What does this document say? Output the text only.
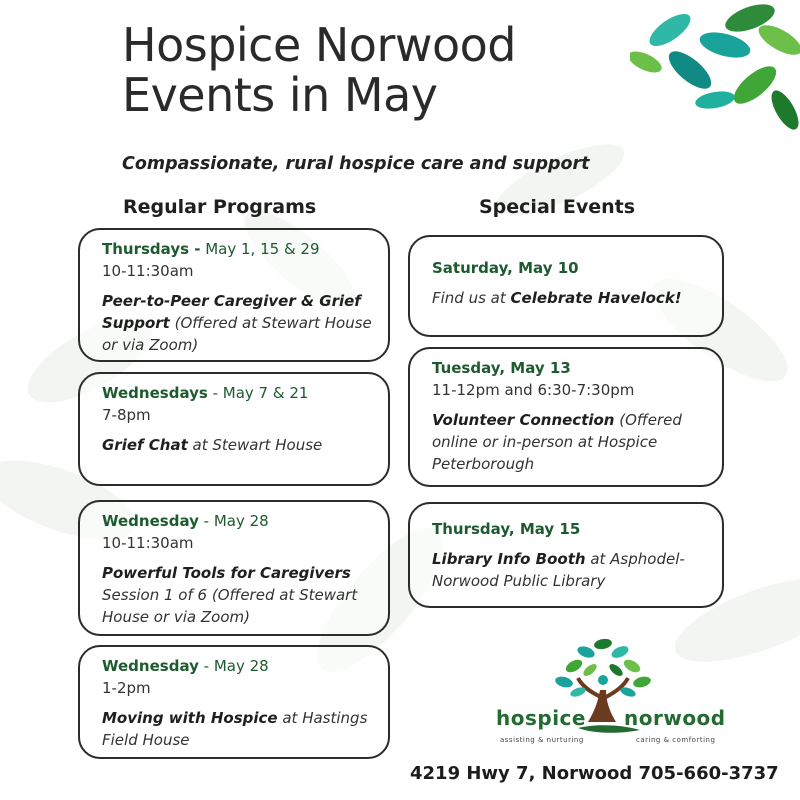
Hospice Norwood
Events in May
Compassionate, rural hospice care and support
Regular Programs	Special Events
Thursdays - May 1, 15 & 29
10-11:30am
Peer-to-Peer Caregiver & Grief Support (Offered at Stewart House or via Zoom)
Wednesdays - May 7 & 21
7-8pm
Grief Chat at Stewart House
Wednesday - May 28
10-11:30am
Powerful Tools for Caregivers Session 1 of 6 (Offered at Stewart House or via Zoom)
Wednesday - May 28
1-2pm
Moving with Hospice at Hastings Field House
Saturday, May 10
Find us at Celebrate Havelock!
Tuesday, May 13
11-12pm and 6:30-7:30pm
Volunteer Connection (Offered online or in-person at Hospice Peterborough
Thursday, May 15
Library Info Booth at Asphodel-Norwood Public Library
hospice norwood
assisting & nurturing	caring & comforting
4219 Hwy 7, Norwood 705-660-3737
